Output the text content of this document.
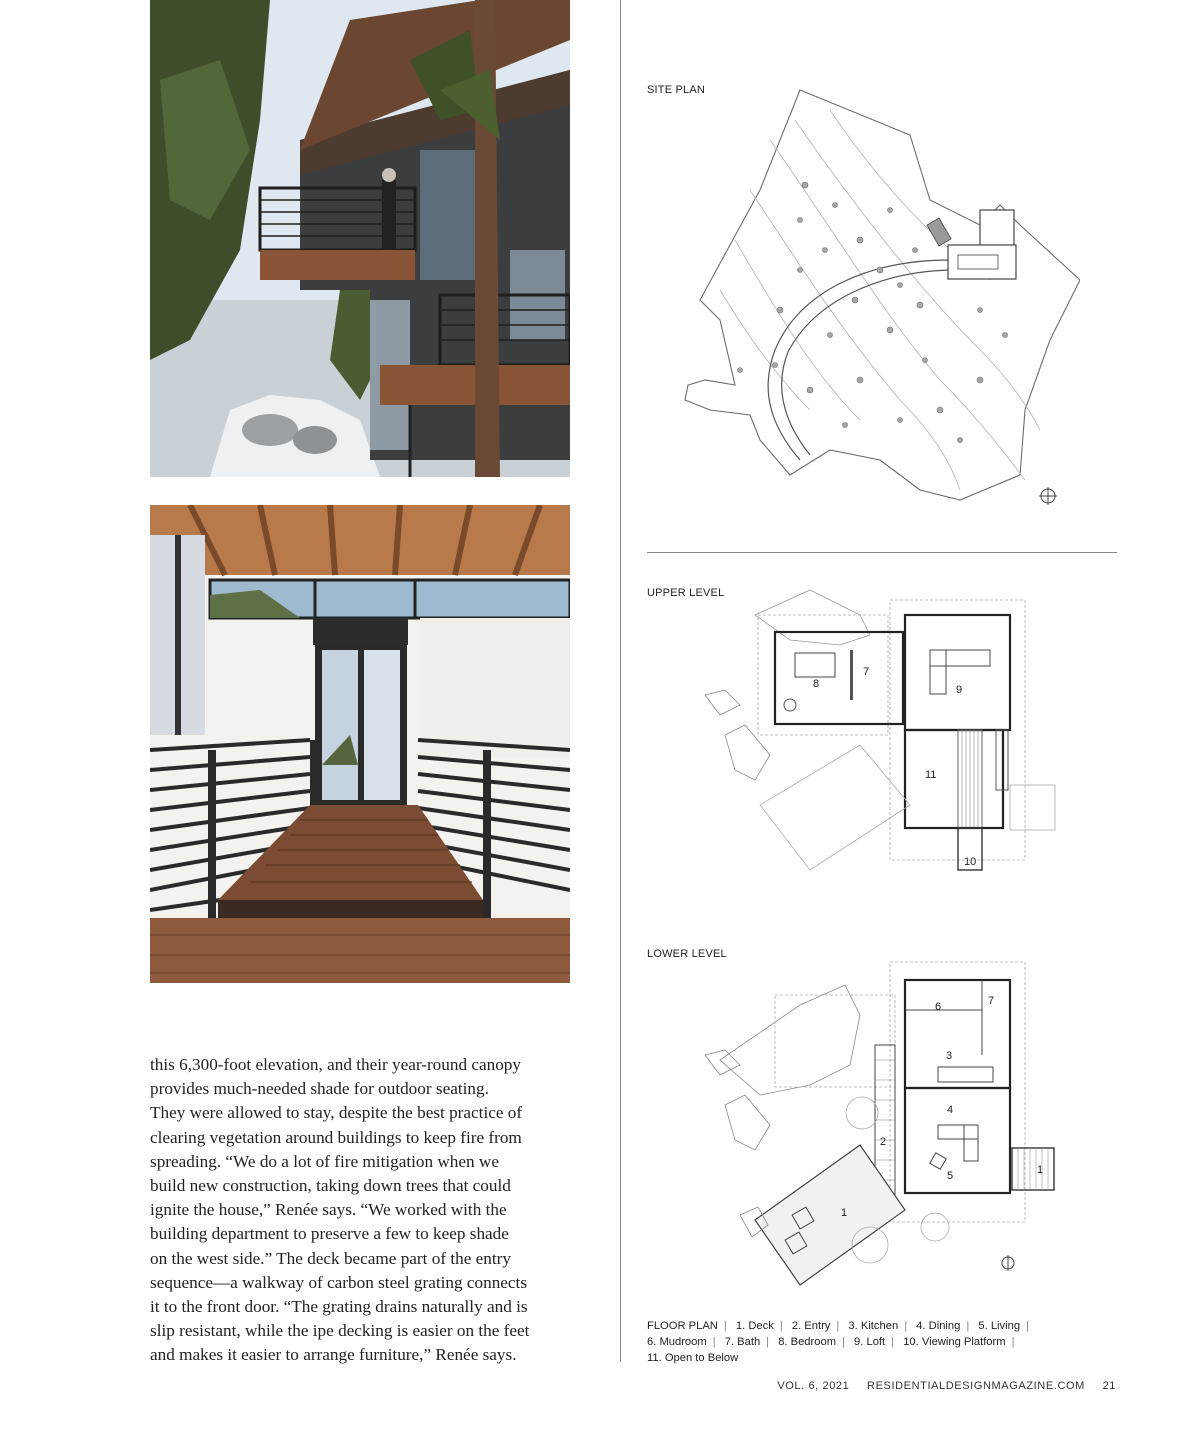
this 6,300-foot elevation, and their year-round canopy

provides much-needed shade for outdoor seating.

They were allowed to stay, despite the best practice of

clearing vegetation around buildings to keep fire from

spreading. “We do a lot of fire mitigation when we

build new construction, taking down trees that could

ignite the house,” Renée says. “We worked with the

building department to preserve a few to keep shade

on the west side.” The deck became part of the entry

sequence—a walkway of carbon steel grating connects

it to the front door. “The grating drains naturally and is

slip resistant, while the ipe decking is easier on the feet

and makes it easier to arrange furniture,” Renée says.

SITE PLAN
UPPER LEVEL
7
8	9
11
10
LOWER LEVEL
6	7
3
4
2
5	1
1
FLOOR PLAN | 1. Deck | 2. Entry | 3. Kitchen | 4. Dining | 5. Living |
6. Mudroom | 7. Bath | 8. Bedroom | 9. Loft | 10. Viewing Platform |
11. Open to Below
VOL. 6, 2021 RESIDENTIALDESIGNMAGAZINE.COM 21
